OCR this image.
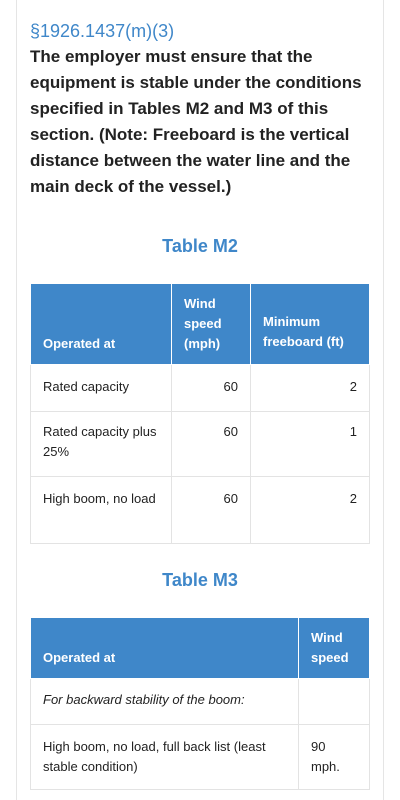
§1926.1437(m)(3)
The employer must ensure that the equipment is stable under the conditions specified in Tables M2 and M3 of this section. (Note: Freeboard is the vertical distance between the water line and the main deck of the vessel.)
Table M2
Operated at	Wind speed (mph)	Minimum freeboard (ft)
Rated capacity	60	2
Rated capacity plus 25%	60	1
High boom, no load	60	2
Table M3
Operated at	Wind speed
For backward stability of the boom:	
High boom, no load, full back list (least stable condition)	90 mph.
